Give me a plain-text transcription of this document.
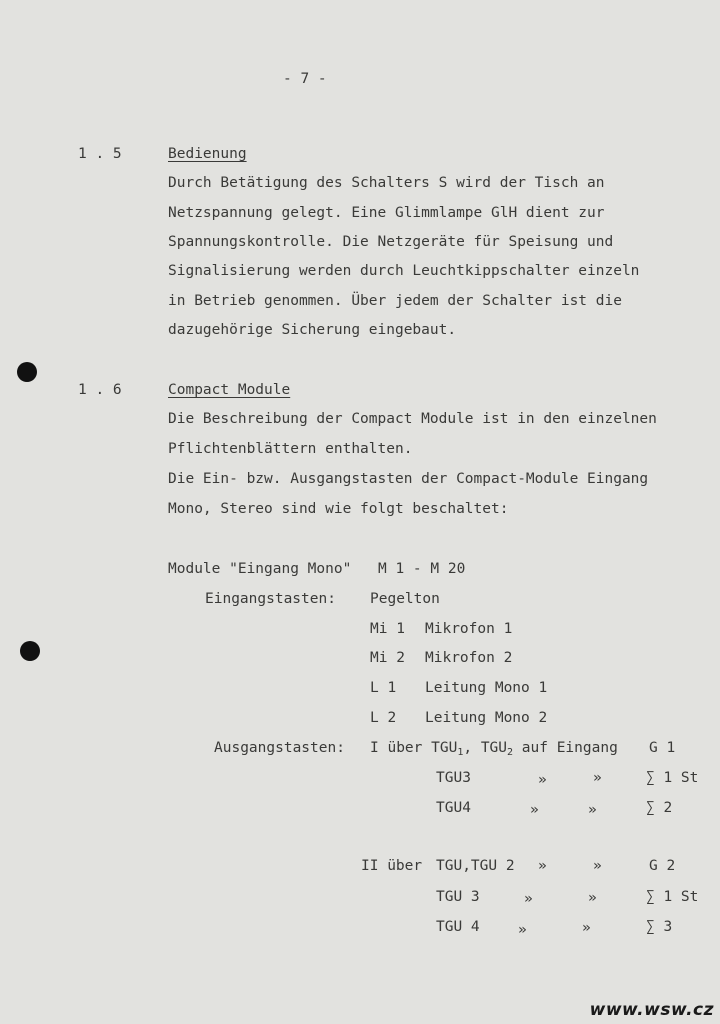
- 7 -
1 . 5	Bedienung
Durch Betätigung des Schalters S wird der Tisch an
Netzspannung gelegt. Eine Glimmlampe GlH dient zur
Spannungskontrolle. Die Netzgeräte für Speisung und
Signalisierung werden durch Leuchtkippschalter einzeln
in Betrieb genommen. Über jedem der Schalter ist die
dazugehörige Sicherung eingebaut.
1 . 6	Compact Module
Die Beschreibung der Compact Module ist in den einzelnen
Pflichtenblättern enthalten.
Die Ein- bzw. Ausgangstasten der Compact-Module Eingang
Mono, Stereo sind wie folgt beschaltet:
Module "Eingang Mono" M 1 - M 20
Eingangstasten: Pegelton
Mi 1 Mikrofon 1
Mi 2 Mikrofon 2
L 1 Leitung Mono 1
L 2 Leitung Mono 2
Ausgangstasten: I über $TGU_1$, $TGU_2$ auf Eingang G 1
TGU3	»	»	∑ 1 St
TGU4	»	»	∑ 2
II über TGU,TGU 2 »	»	G 2
TGU 3	»	»	∑ 1 St
TGU 4	»	»	∑ 3
www.wsw.cz
